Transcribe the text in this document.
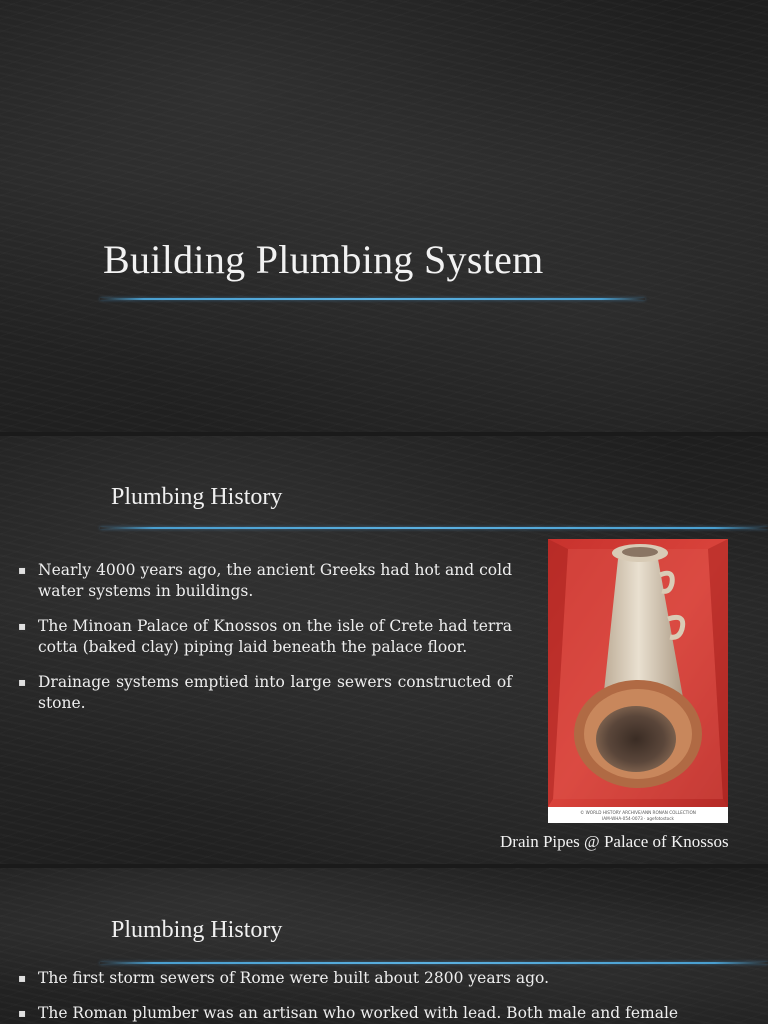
Building Plumbing System
Plumbing History
▪ Nearly 4000 years ago, the ancient Greeks had hot and cold water systems in buildings.
▪ The Minoan Palace of Knossos on the isle of Crete had terra cotta (baked clay) piping laid beneath the palace floor.
▪ Drainage systems emptied into large sewers constructed of stone.
© WORLD HISTORY ARCHIVE/ANN RONAN COLLECTION
IAM-WHA-054-0073 · agefotostock
Drain Pipes @ Palace of Knossos
Plumbing History
▪ The first storm sewers of Rome were built about 2800 years ago.
▪ The Roman plumber was an artisan who worked with lead. Both male and female
